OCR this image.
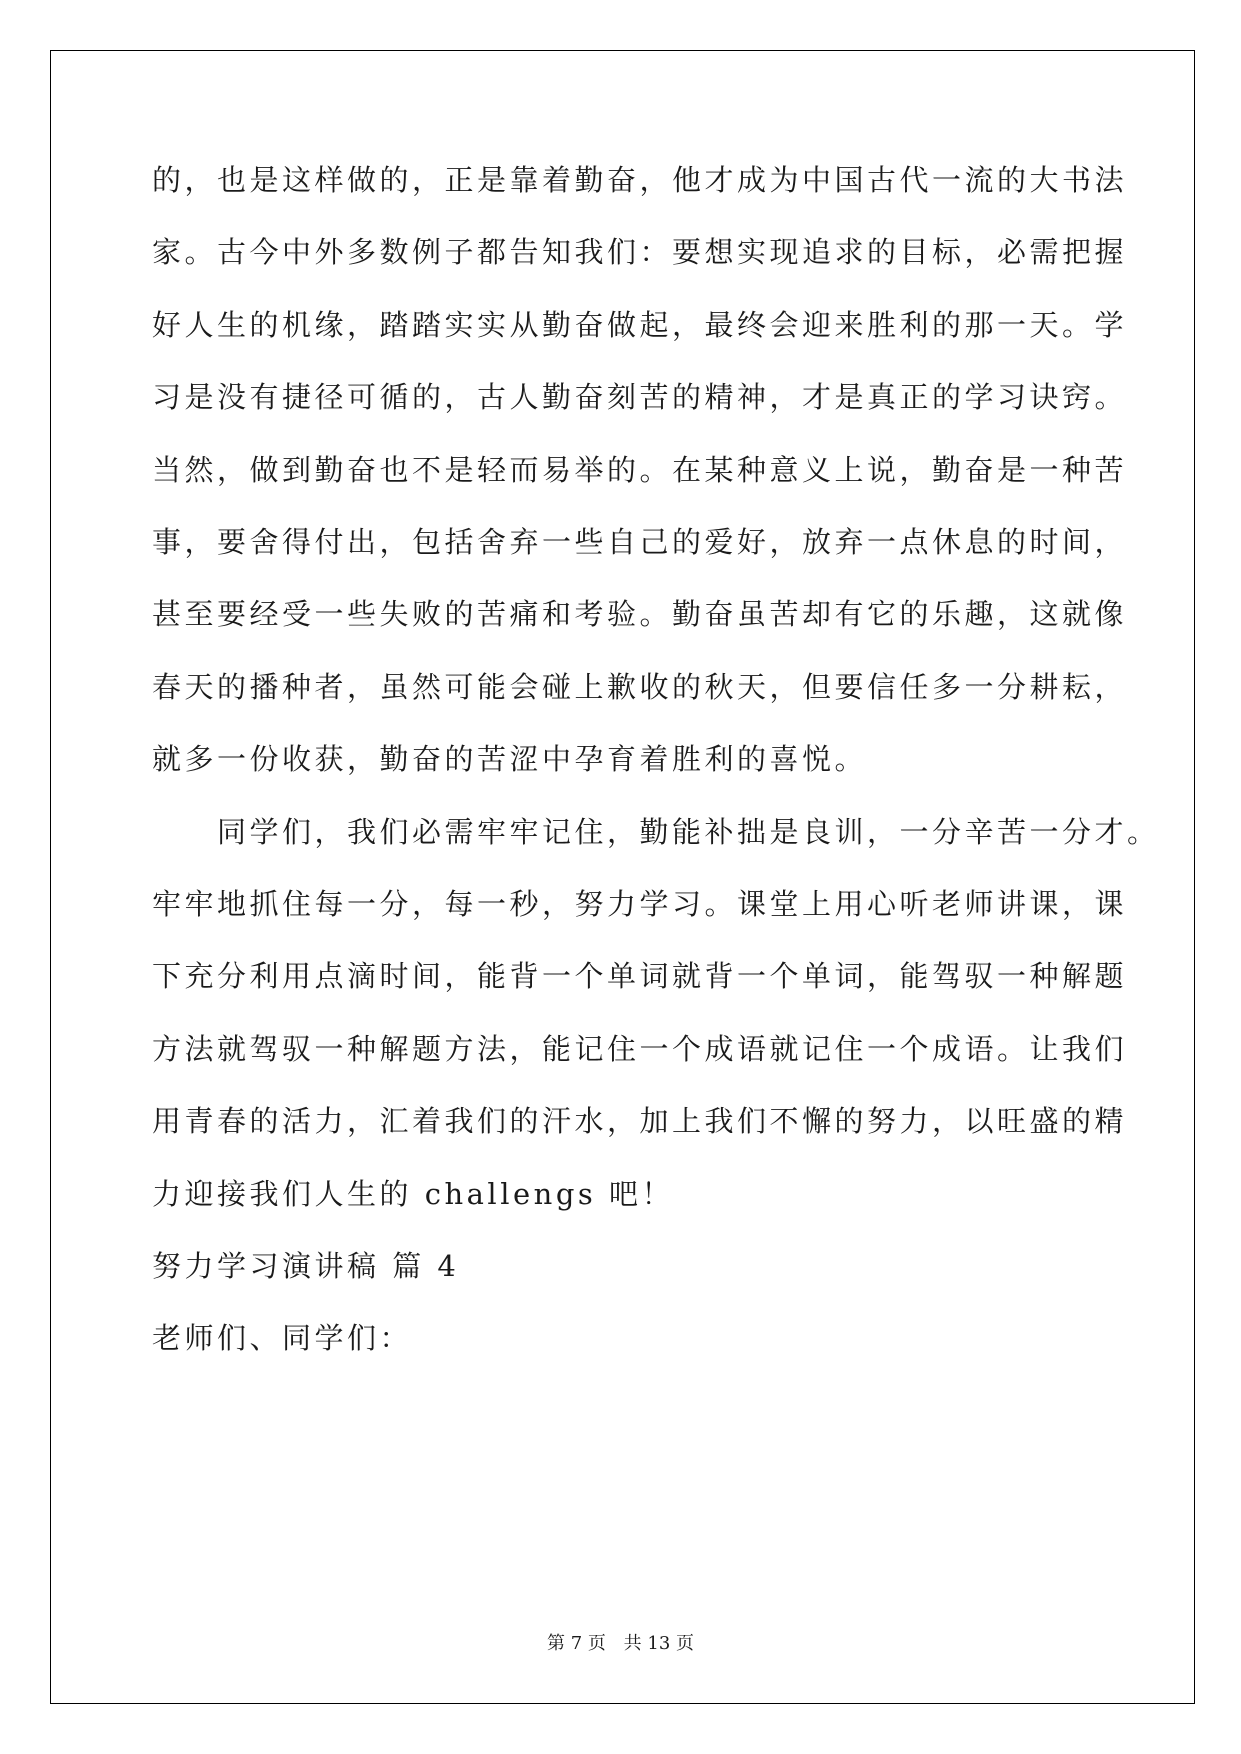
的，也是这样做的，正是靠着勤奋，他才成为中国古代一流的大书法
家。古今中外多数例子都告知我们：要想实现追求的目标，必需把握
好人生的机缘，踏踏实实从勤奋做起，最终会迎来胜利的那一天。学
习是没有捷径可循的，古人勤奋刻苦的精神，才是真正的学习诀窍。
当然，做到勤奋也不是轻而易举的。在某种意义上说，勤奋是一种苦
事，要舍得付出，包括舍弃一些自己的爱好，放弃一点休息的时间，
甚至要经受一些失败的苦痛和考验。勤奋虽苦却有它的乐趣，这就像
春天的播种者，虽然可能会碰上歉收的秋天，但要信任多一分耕耘，
就多一份收获，勤奋的苦涩中孕育着胜利的喜悦。
　　同学们，我们必需牢牢记住，勤能补拙是良训，一分辛苦一分才。
牢牢地抓住每一分，每一秒，努力学习。课堂上用心听老师讲课，课
下充分利用点滴时间，能背一个单词就背一个单词，能驾驭一种解题
方法就驾驭一种解题方法，能记住一个成语就记住一个成语。让我们
用青春的活力，汇着我们的汗水，加上我们不懈的努力，以旺盛的精
力迎接我们人生的 challengs 吧！
努力学习演讲稿 篇 4
老师们、同学们：
第 7 页 共 13 页
